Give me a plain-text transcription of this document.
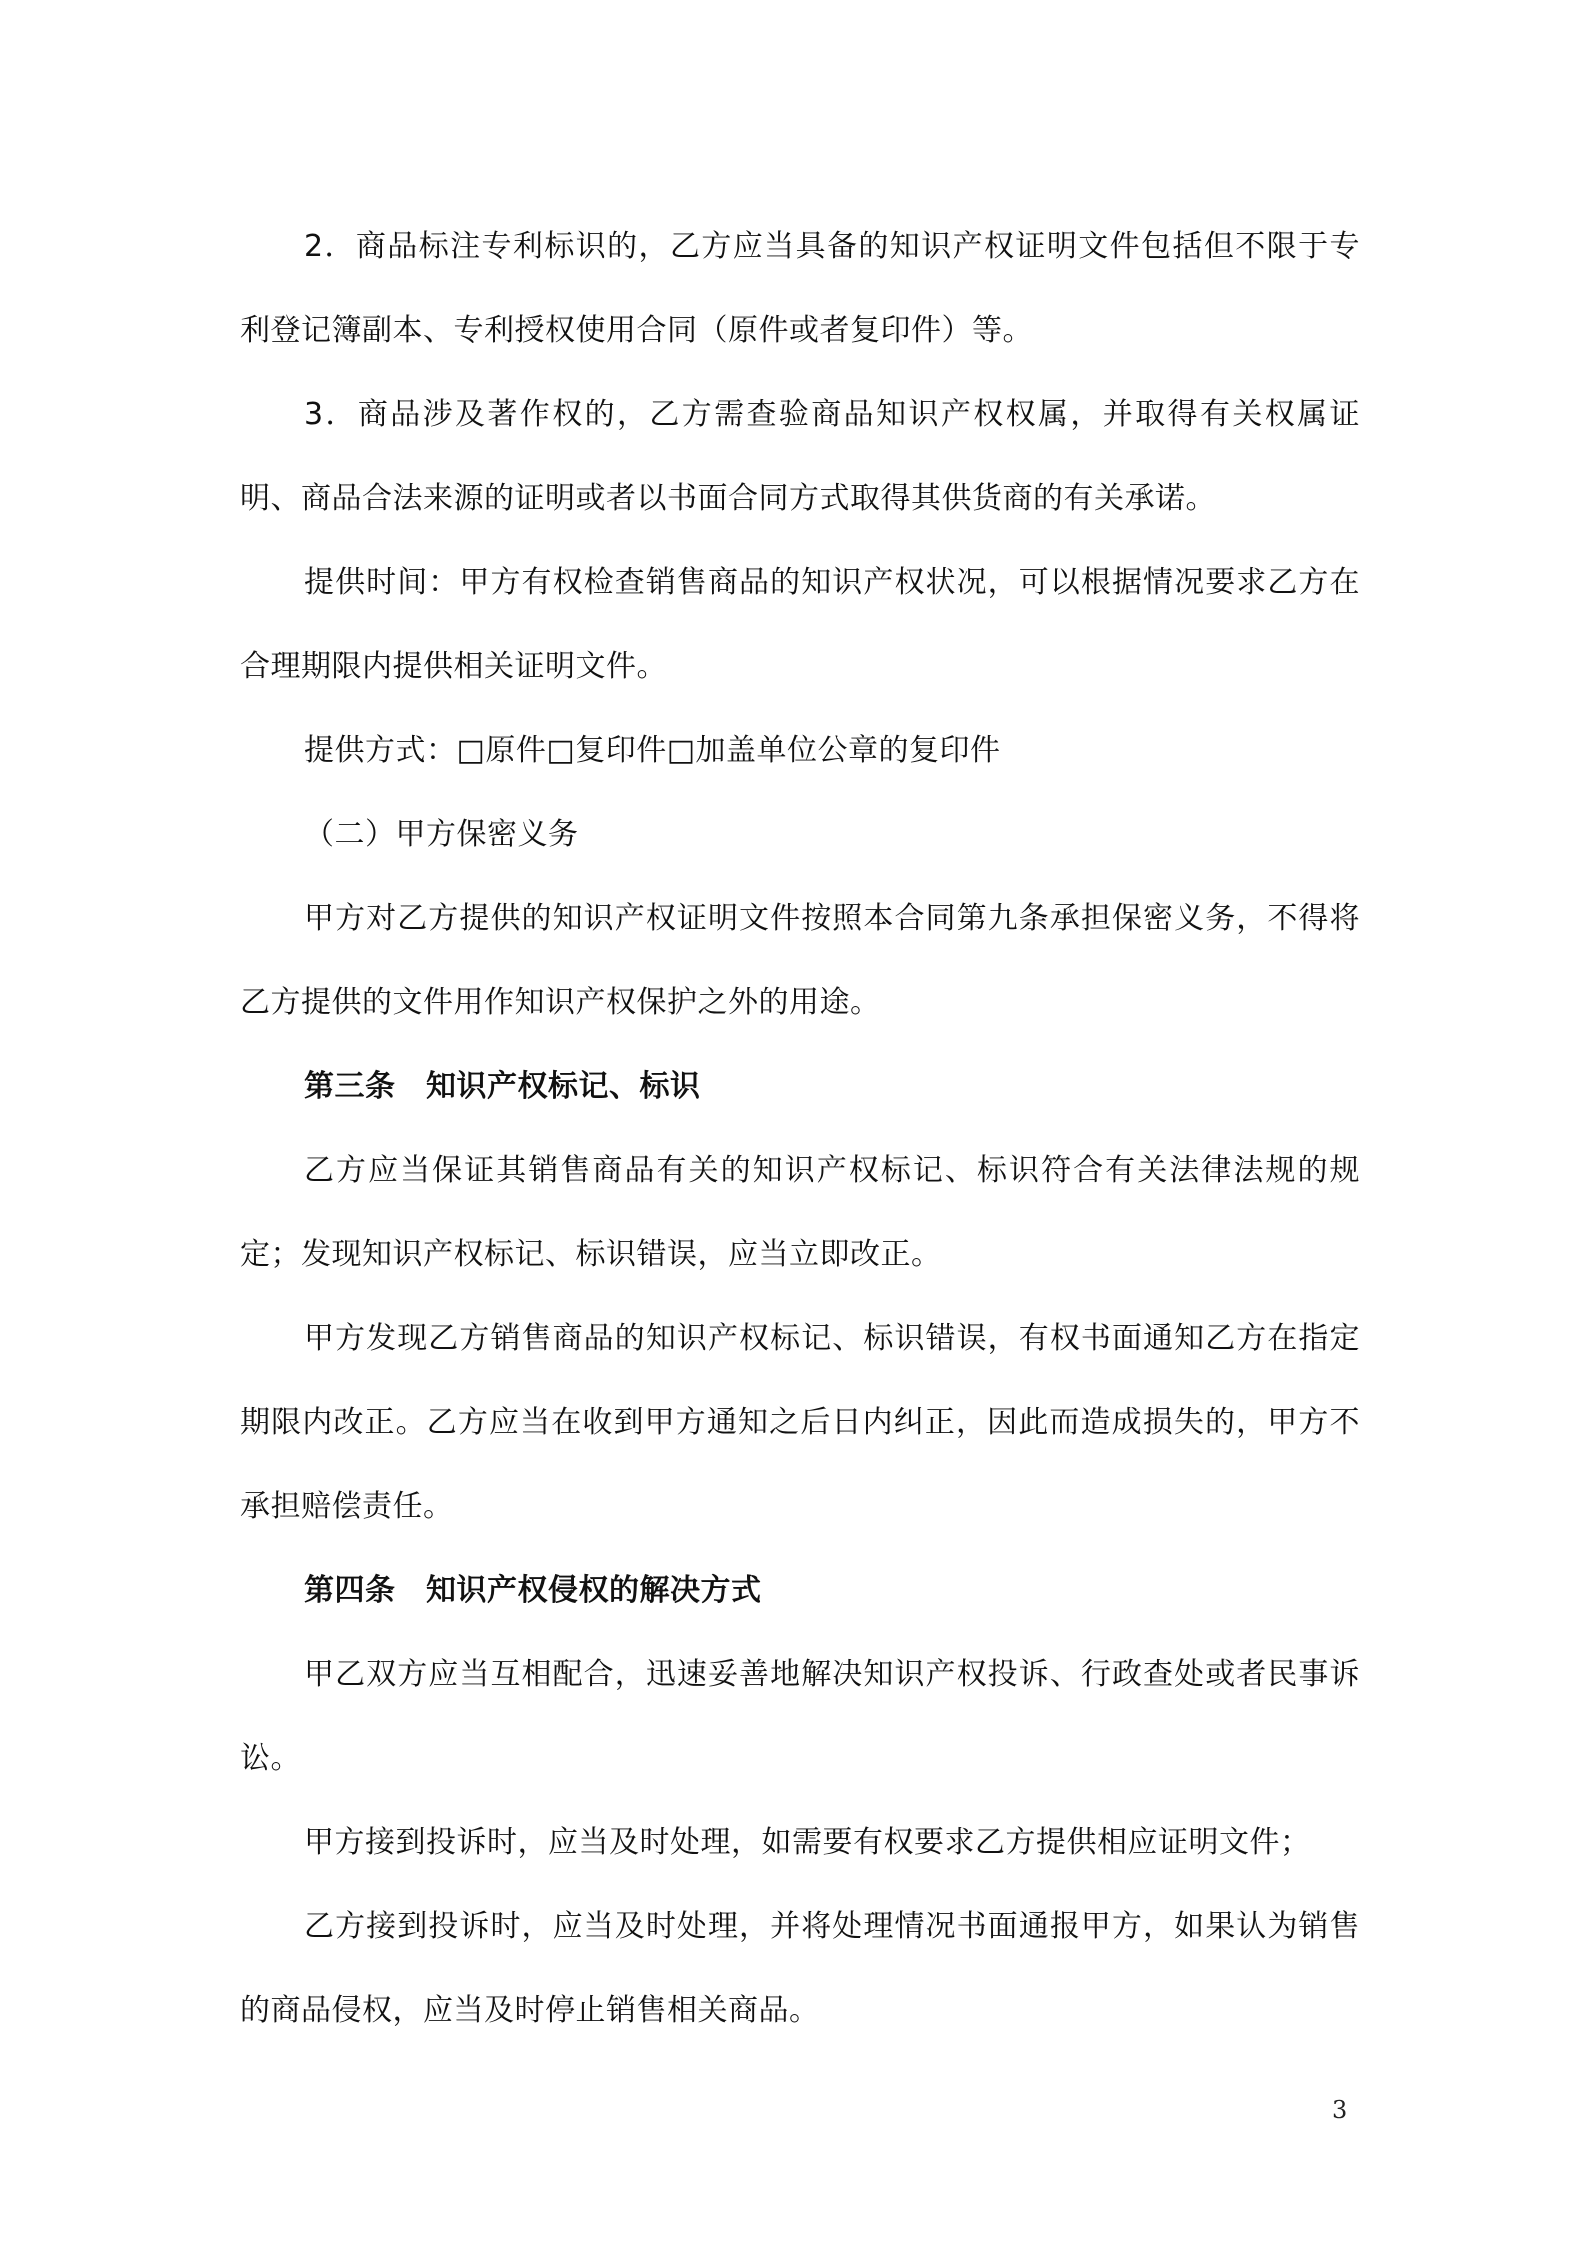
2．商品标注专利标识的，乙方应当具备的知识产权证明文件包括但不限于专利登记簿副本、专利授权使用合同（原件或者复印件）等。

3．商品涉及著作权的，乙方需查验商品知识产权权属，并取得有关权属证明、商品合法来源的证明或者以书面合同方式取得其供货商的有关承诺。

提供时间：甲方有权检查销售商品的知识产权状况，可以根据情况要求乙方在合理期限内提供相关证明文件。

提供方式：□原件□复印件□加盖单位公章的复印件

（二）甲方保密义务

甲方对乙方提供的知识产权证明文件按照本合同第九条承担保密义务，不得将乙方提供的文件用作知识产权保护之外的用途。

第三条　知识产权标记、标识

乙方应当保证其销售商品有关的知识产权标记、标识符合有关法律法规的规定；发现知识产权标记、标识错误，应当立即改正。

甲方发现乙方销售商品的知识产权标记、标识错误，有权书面通知乙方在指定期限内改正。乙方应当在收到甲方通知之后日内纠正，因此而造成损失的，甲方不承担赔偿责任。

第四条　知识产权侵权的解决方式

甲乙双方应当互相配合，迅速妥善地解决知识产权投诉、行政查处或者民事诉讼。

甲方接到投诉时，应当及时处理，如需要有权要求乙方提供相应证明文件；

乙方接到投诉时，应当及时处理，并将处理情况书面通报甲方，如果认为销售的商品侵权，应当及时停止销售相关商品。

3
